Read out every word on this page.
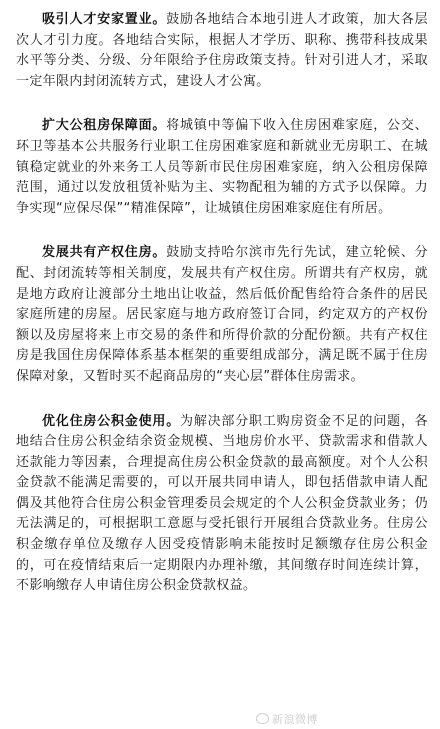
吸引人才安家置业。鼓励各地结合本地引进人才政策，加大各层次人才引力度。各地结合实际，根据人才学历、职称、携带科技成果水平等分类、分级、分年限给予住房政策支持。针对引进人才，采取一定年限内封闭流转方式，建设人才公寓。

扩大公租房保障面。将城镇中等偏下收入住房困难家庭，公交、环卫等基本公共服务行业职工住房困难家庭和新就业无房职工、在城镇稳定就业的外来务工人员等新市民住房困难家庭，纳入公租房保障范围，通过以发放租赁补贴为主、实物配租为辅的方式予以保障。力争实现“应保尽保”“精准保障”，让城镇住房困难家庭住有所居。

发展共有产权住房。鼓励支持哈尔滨市先行先试，建立轮候、分配、封闭流转等相关制度，发展共有产权住房。所谓共有产权房，就是地方政府让渡部分土地出让收益，然后低价配售给符合条件的居民家庭所建的房屋。居民家庭与地方政府签订合同，约定双方的产权份额以及房屋将来上市交易的条件和所得价款的分配份额。共有产权住房是我国住房保障体系基本框架的重要组成部分，满足既不属于住房保障对象，又暂时买不起商品房的“夹心层”群体住房需求。

优化住房公积金使用。为解决部分职工购房资金不足的问题，各地结合住房公积金结余资金规模、当地房价水平、贷款需求和借款人还款能力等因素，合理提高住房公积金贷款的最高额度。对个人公积金贷款不能满足需要的，可以开展共同申请人，即包括借款申请人配偶及其他符合住房公积金管理委员会规定的个人公积金贷款业务；仍无法满足的，可根据职工意愿与受托银行开展组合贷款业务。住房公积金缴存单位及缴存人因受疫情影响未能按时足额缴存住房公积金的，可在疫情结束后一定期限内办理补缴，其间缴存时间连续计算，不影响缴存人申请住房公积金贷款权益。

新浪微博
